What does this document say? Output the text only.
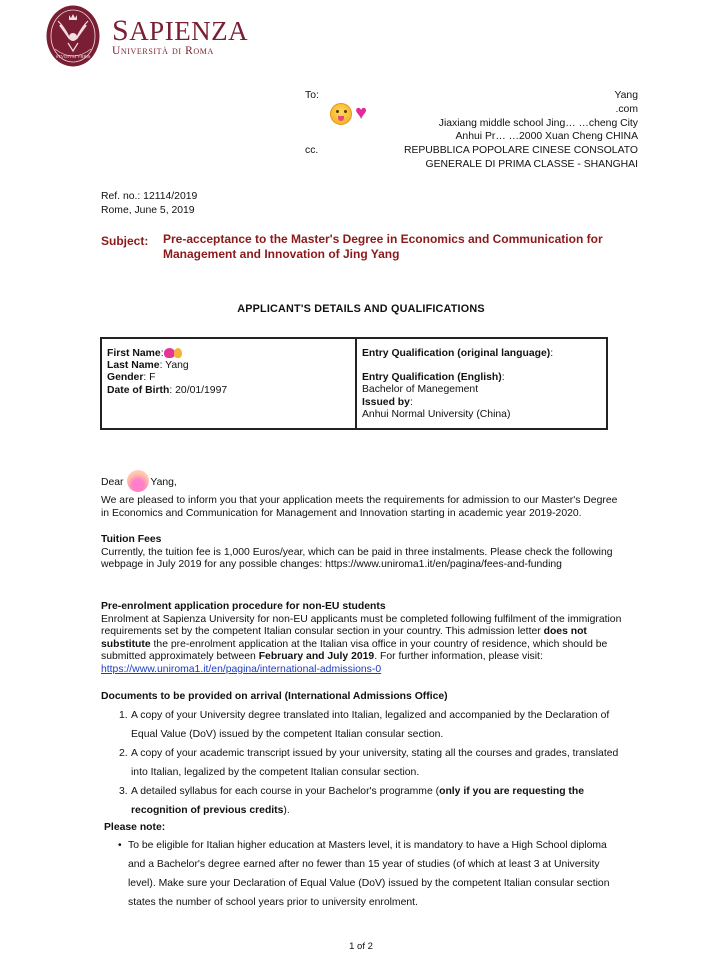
STVDIVM VRBIS
SAPIENZA
Università di Roma
To:
cc.
♥
Yang
.com
Jiaxiang middle school Jing… …cheng City
Anhui Pr… …2000 Xuan Cheng CHINA
REPUBBLICA POPOLARE CINESE CONSOLATO
GENERALE DI PRIMA CLASSE - SHANGHAI
Ref. no.: 12114/2019
Rome, June 5, 2019
Subject: Pre-acceptance to the Master's Degree in Economics and Communication for Management and Innovation of Jing Yang
APPLICANT'S DETAILS AND QUALIFICATIONS
First Name:
Last Name: Yang
Gender: F
Date of Birth: 20/01/1997
Entry Qualification (original language):
Entry Qualification (English):
Bachelor of Manegement
Issued by:
Anhui Normal University (China)
Dear	Yang,
We are pleased to inform you that your application meets the requirements for admission to our Master's Degree in Economics and Communication for Management and Innovation starting in academic year 2019-2020.
Tuition Fees
Currently, the tuition fee is 1,000 Euros/year, which can be paid in three instalments. Please check the following webpage in July 2019 for any possible changes: https://www.uniroma1.it/en/pagina/fees-and-funding
Pre-enrolment application procedure for non-EU students
Enrolment at Sapienza University for non-EU applicants must be completed following fulfilment of the immigration requirements set by the competent Italian consular section in your country. This admission letter does not substitute the pre-enrolment application at the Italian visa office in your country of residence, which should be submitted approximately between February and July 2019. For further information, please visit: https://www.uniroma1.it/en/pagina/international-admissions-0
Documents to be provided on arrival (International Admissions Office)
1. A copy of your University degree translated into Italian, legalized and accompanied by the Declaration of Equal Value (DoV) issued by the competent Italian consular section.
2. A copy of your academic transcript issued by your university, stating all the courses and grades, translated into Italian, legalized by the competent Italian consular section.
3. A detailed syllabus for each course in your Bachelor's programme (only if you are requesting the recognition of previous credits).
Please note:
• To be eligible for Italian higher education at Masters level, it is mandatory to have a High School diploma and a Bachelor's degree earned after no fewer than 15 year of studies (of which at least 3 at University level). Make sure your Declaration of Equal Value (DoV) issued by the competent Italian consular section states the number of school years prior to university enrolment.
1 of 2
